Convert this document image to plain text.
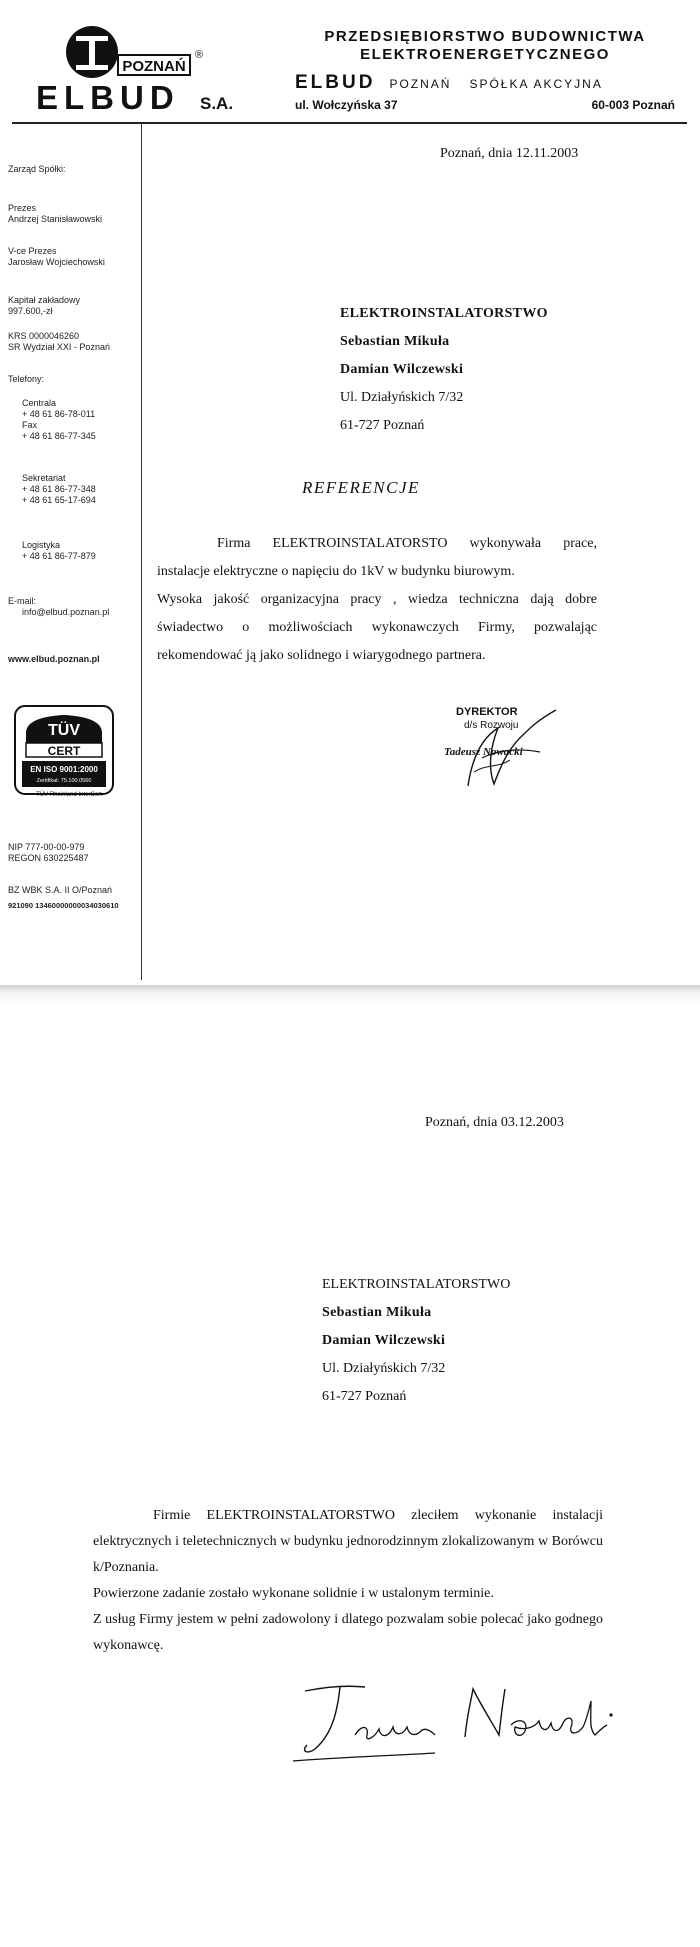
POZNAŃ
®
ELBUD S.A.
PRZEDSIĘBIORSTWO BUDOWNICTWA
ELEKTROENERGETYCZNEGO
ELBUD POZNAŃ SPÓŁKA AKCYJNA
ul. Wołczyńska 37	60-003 Poznań
Zarząd Spółki:
Prezes
Andrzej Stanisławowski
V-ce Prezes
Jarosław Wojciechowski
Kapitał zakładowy
997.600,-zł
KRS 0000046260
SR Wydział XXI - Poznań
Telefony:
Centrala
+ 48 61 86-78-011
Fax
+ 48 61 86-77-345
Sekretariat
+ 48 61 86-77-348
+ 48 61 65-17-694
Logistyka
+ 48 61 86-77-879
E-mail:
info@elbud.poznan.pl
www.elbud.poznan.pl
TÜV
CERT
EN ISO 9001:2000
Zertifikat: 75.100.0566
TÜV Rheinland InterCert
NIP 777-00-00-979
REGON 630225487
BZ WBK S.A. II O/Poznań
921090 13460000000034030610
Poznań, dnia 12.11.2003
ELEKTROINSTALATORSTWO
Sebastian Mikuła
Damian Wilczewski
Ul. Działyńskich 7/32
61-727 Poznań
REFERENCJE

Firma ELEKTROINSTALATORSTO wykonywała prace, instalacje elektryczne o napięciu do 1kV w budynku biurowym.

Wysoka jakość organizacyjna pracy , wiedza techniczna dają dobre świadectwo o możliwościach wykonawczych Firmy, pozwalając rekomendować ją jako solidnego i wiarygodnego partnera.

DYREKTOR
d/s Rozwoju
Tadeusz Nowacki
Poznań, dnia 03.12.2003
ELEKTROINSTALATORSTWO
Sebastian Mikuła
Damian Wilczewski
Ul. Działyńskich 7/32
61-727 Poznań

Firmie ELEKTROINSTALATORSTWO zleciłem wykonanie instalacji elektrycznych i teletechnicznych w budynku jednorodzinnym zlokalizowanym w Borówcu k/Poznania.

Powierzone zadanie zostało wykonane solidnie i w ustalonym terminie.

Z usług Firmy jestem w pełni zadowolony i dlatego pozwalam sobie polecać jako godnego wykonawcę.
